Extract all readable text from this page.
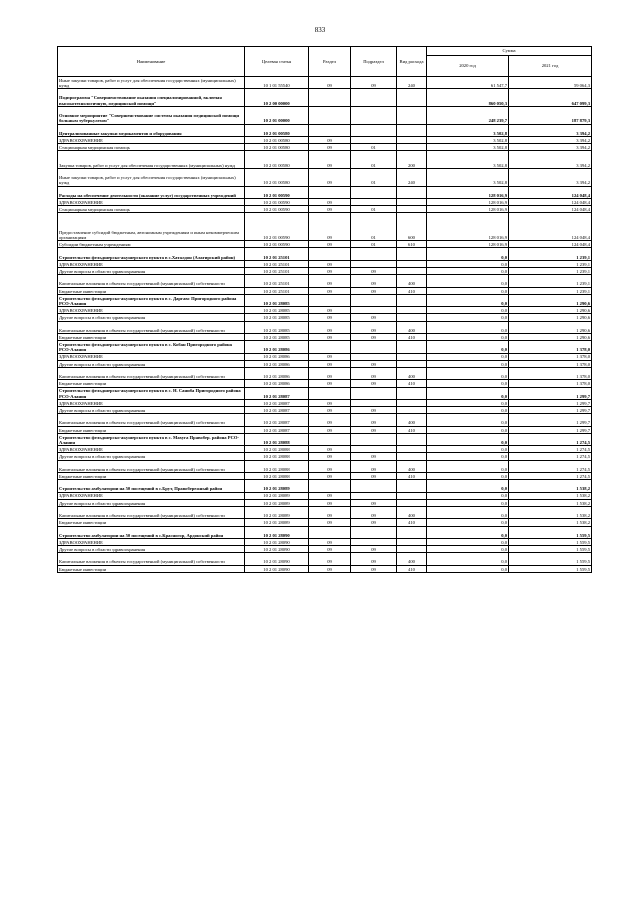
833
Наименование	Целевая статья	Раздел	Подраздел	Вид расхода	Сумма	
					2020 год	2021 год
Иные закупки товаров, работ и услуг для обеспечения государственных (муниципальных) нужд	10 1 01 55540	09	09	240	61 547,7	59 064,3
Подпрограмма "Совершенствование оказания специализированной, включая высокотехнологичную, медицинской помощи"	10 2 00 00000				860 050,3	647 099,3
Основное мероприятие "Совершенствование системы оказания медицинской помощи больным туберкулезом"	10 2 01 00000				248 239,7	187 879,3
Централизованные закупки медикаментов и оборудования	10 2 01 00580				3 502,8	3 394,2
ЗДРАВООХРАНЕНИЕ	10 2 01 00580	09			3 502,8	3 394,2
Стационарная медицинская помощь	10 2 01 00580	09	01		3 502,8	3 394,2
Закупка товаров, работ и услуг для обеспечения государственных (муниципальных) нужд	10 2 01 00580	09	01	200	3 502,8	3 394,2
Иные закупки товаров, работ и услуг для обеспечения государственных (муниципальных) нужд	10 2 01 00580	09	01	240	3 502,8	3 394,2
Расходы на обеспечение деятельности (оказание услуг) государственных учреждений	10 2 01 00590				128 016,9	124 048,4
ЗДРАВООХРАНЕНИЕ	10 2 01 00590	09			128 016,9	124 048,4
Стационарная медицинская помощь	10 2 01 00590	09	01		128 016,9	124 048,4
Предоставление субсидий бюджетным, автономным учреждениям и иным некоммерческим организациям	10 2 01 00590	09	01	600	128 016,9	124 048,4
Субсидии бюджетным учреждениям	10 2 01 00590	09	01	610	128 016,9	124 048,4
Строительство фельдшерско-акушерского пункта в с.Хаталдон (Алагирский район)	10 2 01 25101				0,0	1 239,1
ЗДРАВООХРАНЕНИЕ	10 2 01 25101	09			0,0	1 239,1
Другие вопросы в области здравоохранения	10 2 01 25101	09	09		0,0	1 239,1
Капитальные вложения в объекты государственной (муниципальной) собственности	10 2 01 25101	09	09	400	0,0	1 239,1
Бюджетные инвестиции	10 2 01 25101	09	09	410	0,0	1 239,1
Строительство фельдшерско-акушерского пункта в с. Даргавс Пригородного района РСО-Алания	10 2 01 28085				0,0	1 290,6
ЗДРАВООХРАНЕНИЕ	10 2 01 28085	09			0,0	1 290,6
Другие вопросы в области здравоохранения	10 2 01 28085	09	09		0,0	1 290,6
Капитальные вложения в объекты государственной (муниципальной) собственности	10 2 01 28085	09	09	400	0,0	1 290,6
Бюджетные инвестиции	10 2 01 28085	09	09	410	0,0	1 290,6
Строительство фельдшерско-акушерского пункта в с. Кобан Пригородного района РСО-Алания	10 2 01 28086				0,0	1 378,0
ЗДРАВООХРАНЕНИЕ	10 2 01 28086	09			0,0	1 378,0
Другие вопросы в области здравоохранения	10 2 01 28086	09	09		0,0	1 378,0
Капитальные вложения в объекты государственной (муниципальной) собственности	10 2 01 28086	09	09	400	0,0	1 378,0
Бюджетные инвестиции	10 2 01 28086	09	09	410	0,0	1 378,0
Строительство фельдшерско-акушерского пункта в с. Н. Саниба Пригородного района РСО-Алания	10 2 01 28087				0,0	1 299,7
ЗДРАВООХРАНЕНИЕ	10 2 01 28087	09			0,0	1 299,7
Другие вопросы в области здравоохранения	10 2 01 28087	09	09		0,0	1 299,7
Капитальные вложения в объекты государственной (муниципальной) собственности	10 2 01 28087	09	09	400	0,0	1 299,7
Бюджетные инвестиции	10 2 01 28087	09	09	410	0,0	1 299,7
Строительство фельдшерско-акушерского пункта в с. Махуга Правобер. района РСО-Алания	10 2 01 28088				0,0	1 274,5
ЗДРАВООХРАНЕНИЕ	10 2 01 28088	09			0,0	1 274,5
Другие вопросы в области здравоохранения	10 2 01 28088	09	09		0,0	1 274,5
Капитальные вложения в объекты государственной (муниципальной) собственности	10 2 01 28088	09	09	400	0,0	1 274,5
Бюджетные инвестиции	10 2 01 28088	09	09	410	0,0	1 274,5
Строительство амбулатории на 50 посещений в с.Брут, Правобережный район	10 2 01 28089				0,0	1 538,2
ЗДРАВООХРАНЕНИЕ	10 2 01 28089	09			0,0	1 538,2
Другие вопросы в области здравоохранения	10 2 01 28089	09	09		0,0	1 538,2
Капитальные вложения в объекты государственной (муниципальной) собственности	10 2 01 28089	09	09	400	0,0	1 538,2
Бюджетные инвестиции	10 2 01 28089	09	09	410	0,0	1 538,2
Строительство амбулатории на 50 посещений в с.Красногор, Ардонский район	10 2 01 28090				0,0	1 559,5
ЗДРАВООХРАНЕНИЕ	10 2 01 28090	09			0,0	1 559,5
Другие вопросы в области здравоохранения	10 2 01 28090	09	09		0,0	1 559,5
Капитальные вложения в объекты государственной (муниципальной) собственности	10 2 01 28090	09	09	400	0,0	1 559,5
Бюджетные инвестиции	10 2 01 28090	09	09	410	0,0	1 559,5
